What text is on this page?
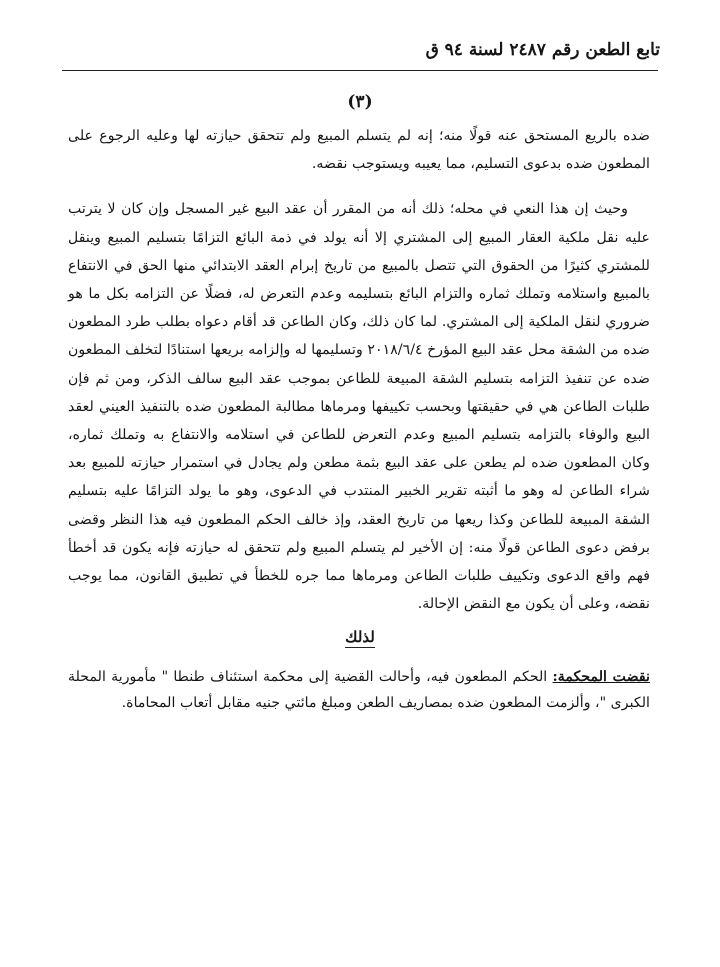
تابع الطعن رقم ٢٤٨٧ لسنة ٩٤ ق
(٣)

ضده بالريع المستحق عنه قولًا منه؛ إنه لم يتسلم المبيع ولم تتحقق حيازته لها وعليه الرجوع على المطعون ضده بدعوى التسليم، مما يعيبه ويستوجب نقضه.

وحيث إن هذا النعي في محله؛ ذلك أنه من المقرر أن عقد البيع غير المسجل وإن كان لا يترتب عليه نقل ملكية العقار المبيع إلى المشتري إلا أنه يولد في ذمة البائع التزامًا بتسليم المبيع وينقل للمشتري كثيرًا من الحقوق التي تتصل بالمبيع من تاريخ إبرام العقد الابتدائي منها الحق في الانتفاع بالمبيع واستلامه وتملك ثماره والتزام البائع بتسليمه وعدم التعرض له، فضلًا عن التزامه بكل ما هو ضروري لنقل الملكية إلى المشتري. لما كان ذلك، وكان الطاعن قد أقام دعواه بطلب طرد المطعون ضده من الشقة محل عقد البيع المؤرخ ٢٠١٨/٦/٤ وتسليمها له وإلزامه بريعها استنادًا لتخلف المطعون ضده عن تنفيذ التزامه بتسليم الشقة المبيعة للطاعن بموجب عقد البيع سالف الذكر، ومن ثم فإن طلبات الطاعن هي في حقيقتها وبحسب تكييفها ومرماها مطالبة المطعون ضده بالتنفيذ العيني لعقد البيع والوفاء بالتزامه بتسليم المبيع وعدم التعرض للطاعن في استلامه والانتفاع به وتملك ثماره، وكان المطعون ضده لم يطعن على عقد البيع بثمة مطعن ولم يجادل في استمرار حيازته للمبيع بعد شراء الطاعن له وهو ما أثبته تقرير الخبير المنتدب في الدعوى، وهو ما يولد التزامًا عليه بتسليم الشقة المبيعة للطاعن وكذا ريعها من تاريخ العقد، وإذ خالف الحكم المطعون فيه هذا النظر وقضى برفض دعوى الطاعن قولًا منه: إن الأخير لم يتسلم المبيع ولم تتحقق له حيازته فإنه يكون قد أخطأ فهم واقع الدعوى وتكييف طلبات الطاعن ومرماها مما جره للخطأ في تطبيق القانون، مما يوجب نقضه، وعلى أن يكون مع النقض الإحالة.

لذلك
نقضت المحكمة: الحكم المطعون فيه، وأحالت القضية إلى محكمة استئناف طنطا " مأمورية المحلة الكبرى "، وألزمت المطعون ضده بمصاريف الطعن ومبلغ مائتي جنيه مقابل أتعاب المحاماة.
